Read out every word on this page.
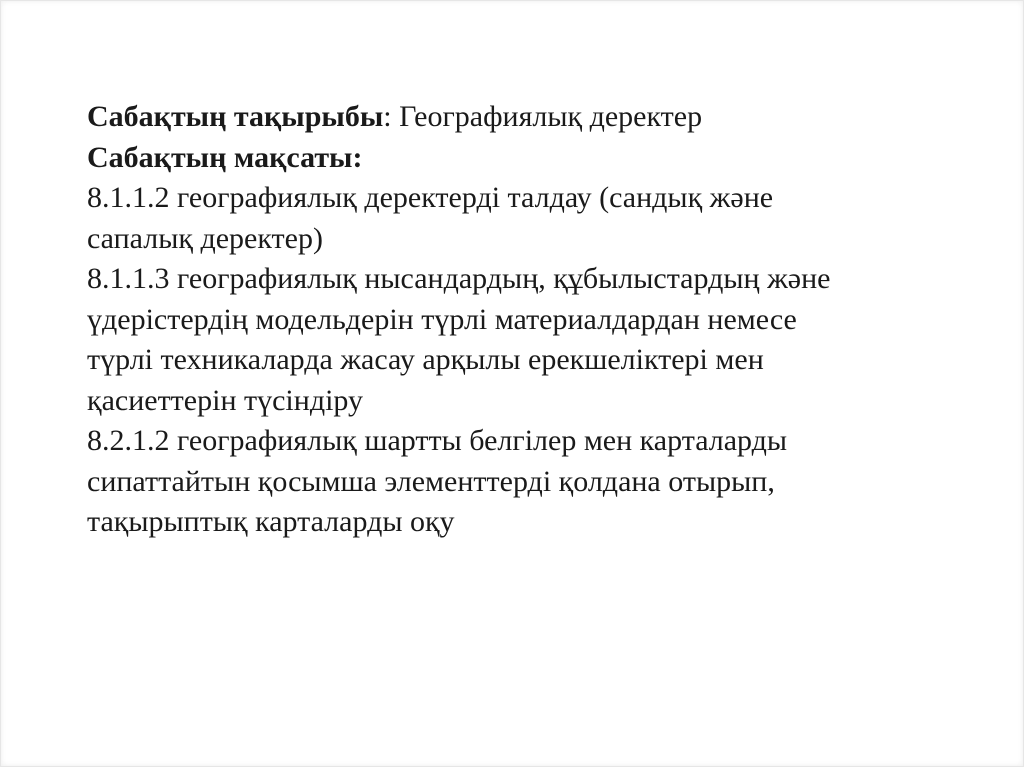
Сабақтың тақырыбы: Географиялық деректер

Сабақтың мақсаты:

8.1.1.2 географиялық деректерді талдау (сандық және

сапалық деректер)

8.1.1.3 географиялық нысандардың, құбылыстардың және

үдерістердің модельдерін түрлі материалдардан немесе

түрлі техникаларда жасау арқылы ерекшеліктері мен

қасиеттерін түсіндіру

8.2.1.2 географиялық шартты белгілер мен карталарды

сипаттайтын қосымша элементтерді қолдана отырып,

тақырыптық карталарды оқу
